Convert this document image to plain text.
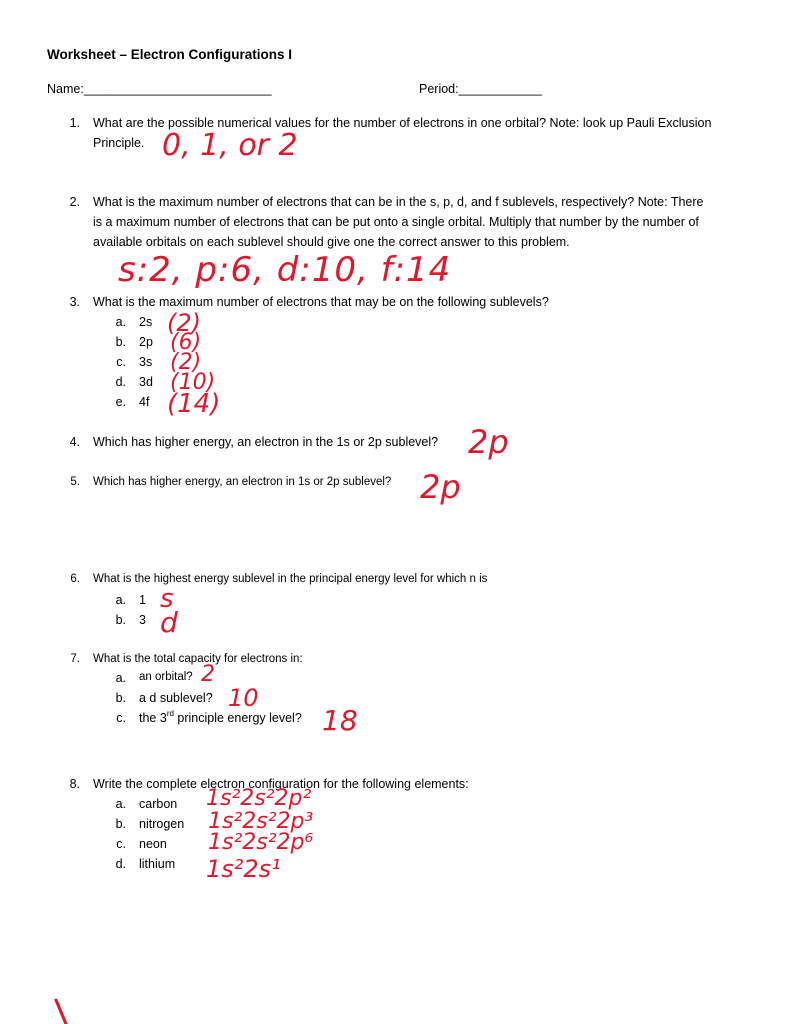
Worksheet – Electron Configurations I
Name:___________________________	Period:____________
1. What are the possible numerical values for the number of electrons in one orbital? Note: look up Pauli Exclusion
Principle. 0, 1, or 2
2. What is the maximum number of electrons that can be in the s, p, d, and f sublevels, respectively? Note: There
is a maximum number of electrons that can be put onto a single orbital. Multiply that number by the number of
available orbitals on each sublevel should give one the correct answer to this problem.
s:2, p:6, d:10, f:14
3. What is the maximum number of electrons that may be on the following sublevels?
a. 2s (2)
b. 2p (6)
c. 3s (2)
d. 3d (10)
e. 4f (14)
4. Which has higher energy, an electron in the 1s or 2p sublevel? 2p
5. Which has higher energy, an electron in 1s or 2p sublevel? 2p
6. What is the highest energy sublevel in the principal energy level for which n is
a. 1 s
b. 3 d
7. What is the total capacity for electrons in:
a. an orbital? 2
b. a d sublevel? 10
c. the 3rd principle energy level? 18
8. Write the complete electron configuration for the following elements:
a. carbon 1s²2s²2p²
b. nitrogen 1s²2s²2p³
c. neon 1s²2s²2p⁶
d. lithium 1s²2s¹
